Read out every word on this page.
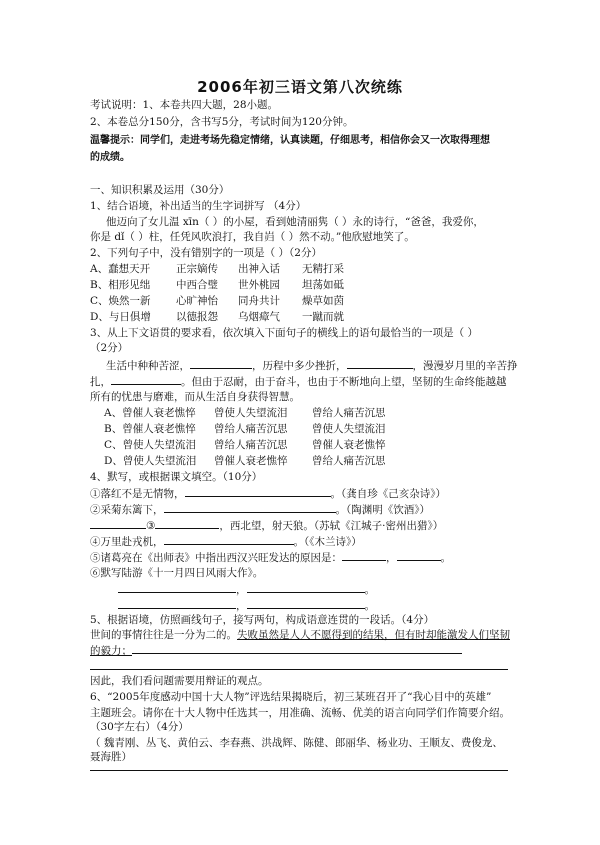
2006年初三语文第八次统练
考试说明：1、本卷共四大题，28小题。
2、本卷总分150分，含书写5分，考试时间为120分钟。
温馨提示：同学们，走进考场先稳定情绪，认真读题，仔细思考，相信你会又一次取得理想
的成绩。
一、知识积累及运用（30分）
1、结合语境，补出适当的生字词拼写 （4分）
他迈向了女儿温 xīn（ ）的小屋，看到她清丽隽（ ）永的诗行，“爸爸，我爱你，
你是 dǐ（ ）柱，任凭风吹浪打，我自岿（ ）然不动。”他欣慰地笑了。
2、下列句子中，没有错别字的一项是（ ）（2分）
A、蠢想天开 正宗嫡传 出神入话 无精打采
B、相形见绌 中西合璧 世外桃园 坦荡如砥
C、焕然一新 心旷神怡 同舟共计 燥草如茵
D、与日俱增 以德报怨 乌烟瘴气 一蹴而就
3、从上下文语贯的要求看，依次填入下面句子的横线上的语句最恰当的一项是（ ）
（2分）
生活中种种苦涩，	，历程中多少挫折，	，漫漫岁月里的辛苦挣
扎，	。但由于忍耐，由于奋斗，也由于不断地向上望，坚韧的生命终能越越
所有的忧患与磨难，而从生活自身获得智慧。
A、曾催人衰老憔悴 曾使人失望流泪 曾给人痛苦沉思
B、曾催人衰老憔悴 曾给人痛苦沉思 曾使人失望流泪
C、曾使人失望流泪 曾给人痛苦沉思 曾催人衰老憔悴
D、曾使人失望流泪 曾催人衰老憔悴 曾给人痛苦沉思
4、默写，或根据课文填空。（10分）
①落红不是无情物，	。（龚自珍《己亥杂诗》）
②采菊东篱下，	。（陶渊明《饮酒》）
③	，西北望，射天狼。（苏轼《江城子·密州出猎》）
④万里赴戎机，	。（《木兰诗》）
⑤诸葛亮在《出师表》中指出西汉兴旺发达的原因是：	，	。
⑥默写陆游《十一月四日风雨大作》。
，	。
，	。
5、根据语境，仿照画线句子，接写两句，构成语意连贯的一段话。（4分）
世间的事情往往是一分为二的。失败虽然是人人不愿得到的结果，但有时却能激发人们坚韧
的毅力；
因此，我们看问题需要用辩证的观点。
6、“2005年度感动中国十大人物”评选结果揭晓后，初三某班召开了“我心目中的英雄”
主题班会。请你在十大人物中任选其一，用准确、流畅、优美的语言向同学们作简要介绍。
（30字左右）（4分）
（ 魏青刚、丛飞、黄伯云、李春燕、洪战辉、陈健、郎丽华、杨业功、王顺友、费俊龙、
聂海胜）
